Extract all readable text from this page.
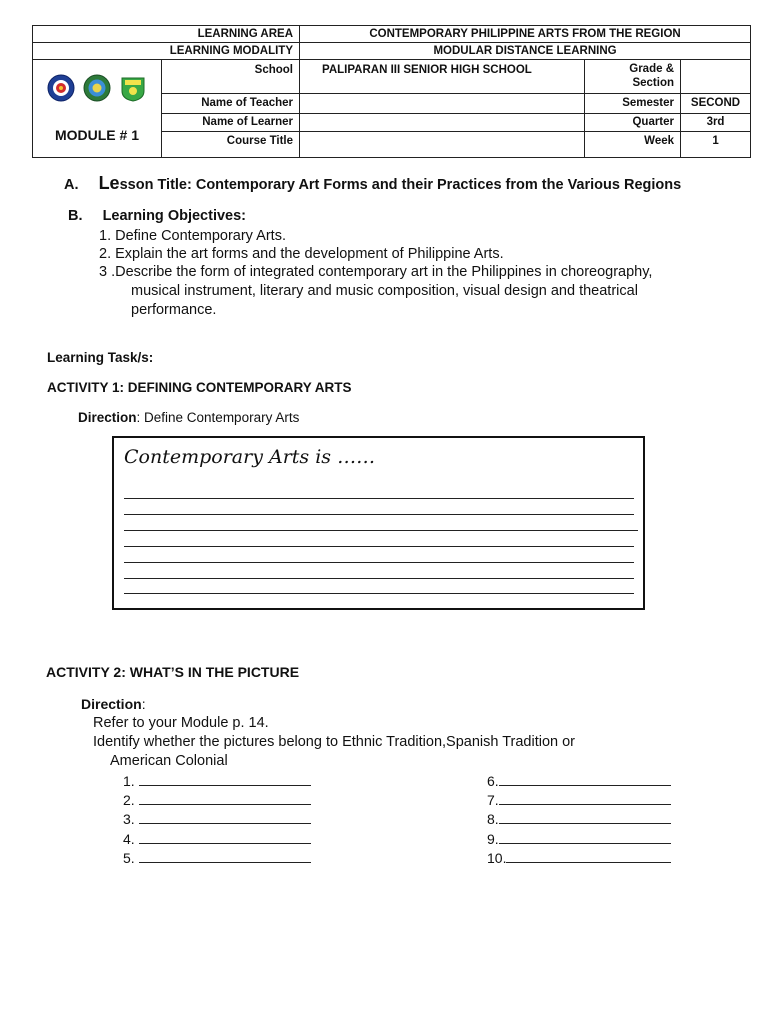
LEARNING AREA		CONTEMPORARY PHILIPPINE ARTS FROM THE REGION		
LEARNING MODALITY		MODULAR DISTANCE LEARNING		

	School	PALIPARAN III SENIOR HIGH SCHOOL	Grade & Section	
	Name of Teacher		Semester	SECOND
MODULE # 1	Name of Learner		Quarter	3rd
	Course Title		Week	1
A. Lesson Title: Contemporary Art Forms and their Practices from the Various Regions
B. Learning Objectives:
1. Define Contemporary Arts.
2. Explain the art forms and the development of Philippine Arts.
3 .Describe the form of integrated contemporary art in the Philippines in choreography,
musical instrument, literary and music composition, visual design and theatrical
performance.
Learning Task/s:
ACTIVITY 1: DEFINING CONTEMPORARY ARTS
Direction: Define Contemporary Arts
Contemporary Arts is ……
ACTIVITY 2: WHAT’S IN THE PICTURE
Direction:
Refer to your Module p. 14.
Identify whether the pictures belong to Ethnic Tradition,Spanish Tradition or
American Colonial
1.
2.
3.
4.
5.
6.
7.
8.
9.
10.
